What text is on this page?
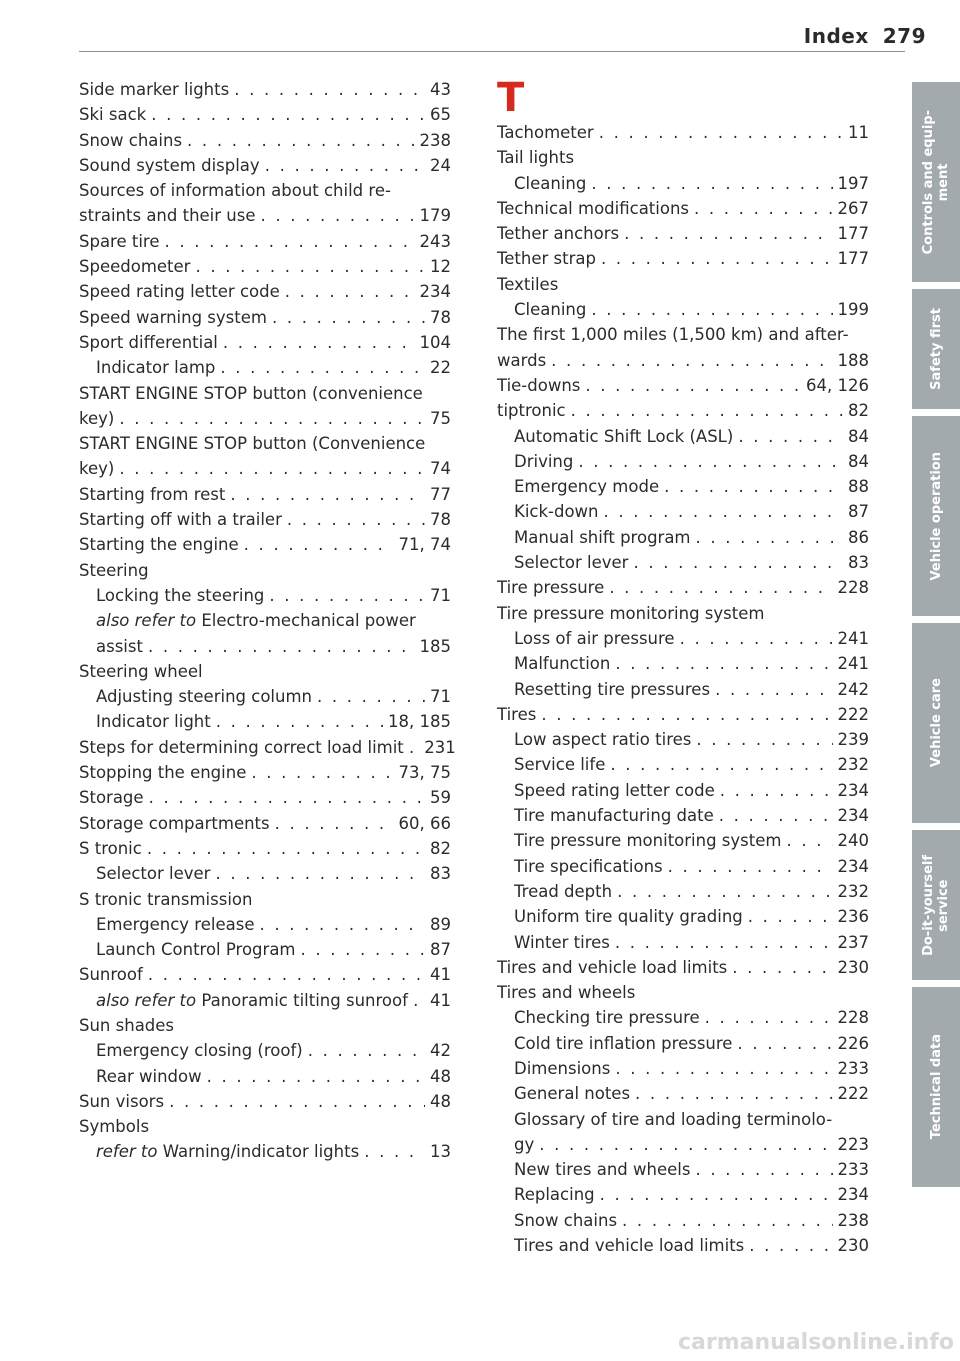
Index 279
Side marker lights . . .	43
Ski sack . . .	65
Snow chains . . .	238
Sound system display . . .	24
Sources of information about child re-
straints and their use . . .	179
Spare tire . . .	243
Speedometer . . .	12
Speed rating letter code . . .	234
Speed warning system . . .	78
Sport differential . . .	104
Indicator lamp . . .	22
START ENGINE STOP button (convenience
key) . . .	75
START ENGINE STOP button (Convenience
key) . . .	74
Starting from rest . . .	77
Starting off with a trailer . . .	78
Starting the engine . . .	71, 74
Steering
Locking the steering . . .	71
also refer to Electro-mechanical power
assist . . .	185
Steering wheel
Adjusting steering column . . .	71
Indicator light . . .	18, 185
Steps for determining correct load limit . 231
Stopping the engine . . .	73, 75
Storage . . .	59
Storage compartments . . .	60, 66
S tronic . . .	82
Selector lever . . .	83
S tronic transmission
Emergency release . . .	89
Launch Control Program . . .	87
Sunroof . . .	41
also refer to Panoramic tilting sunroof . 41
Sun shades
Emergency closing (roof) . . .	42
Rear window . . .	48
Sun visors . . .	48
Symbols
refer to Warning/indicator lights . . .	13
T
Tachometer . . .	11
Tail lights
Cleaning . . .	197
Technical modifications . . .	267
Tether anchors . . .	177
Tether strap . . .	177
Textiles
Cleaning . . .	199
The first 1,000 miles (1,500 km) and after-
wards . . .	188
Tie-downs . . .	64, 126
tiptronic . . .	82
Automatic Shift Lock (ASL) . . .	84
Driving . . .	84
Emergency mode . . .	88
Kick-down . . .	87
Manual shift program . . .	86
Selector lever . . .	83
Tire pressure . . .	228
Tire pressure monitoring system
Loss of air pressure . . .	241
Malfunction . . .	241
Resetting tire pressures . . .	242
Tires . . .	222
Low aspect ratio tires . . .	239
Service life . . .	232
Speed rating letter code . . .	234
Tire manufacturing date . . .	234
Tire pressure monitoring system . . .	240
Tire specifications . . .	234
Tread depth . . .	232
Uniform tire quality grading . . .	236
Winter tires . . .	237
Tires and vehicle load limits . . .	230
Tires and wheels
Checking tire pressure . . .	228
Cold tire inflation pressure . . .	226
Dimensions . . .	233
General notes . . .	222
Glossary of tire and loading terminolo-
gy . . .	223
New tires and wheels . . .	233
Replacing . . .	234
Snow chains . . .	238
Tires and vehicle load limits . . .	230
Controls and equip-
ment
Safety first
Vehicle operation
Vehicle care
Do-it-yourself
service
Technical data
carmanualsonline.info
